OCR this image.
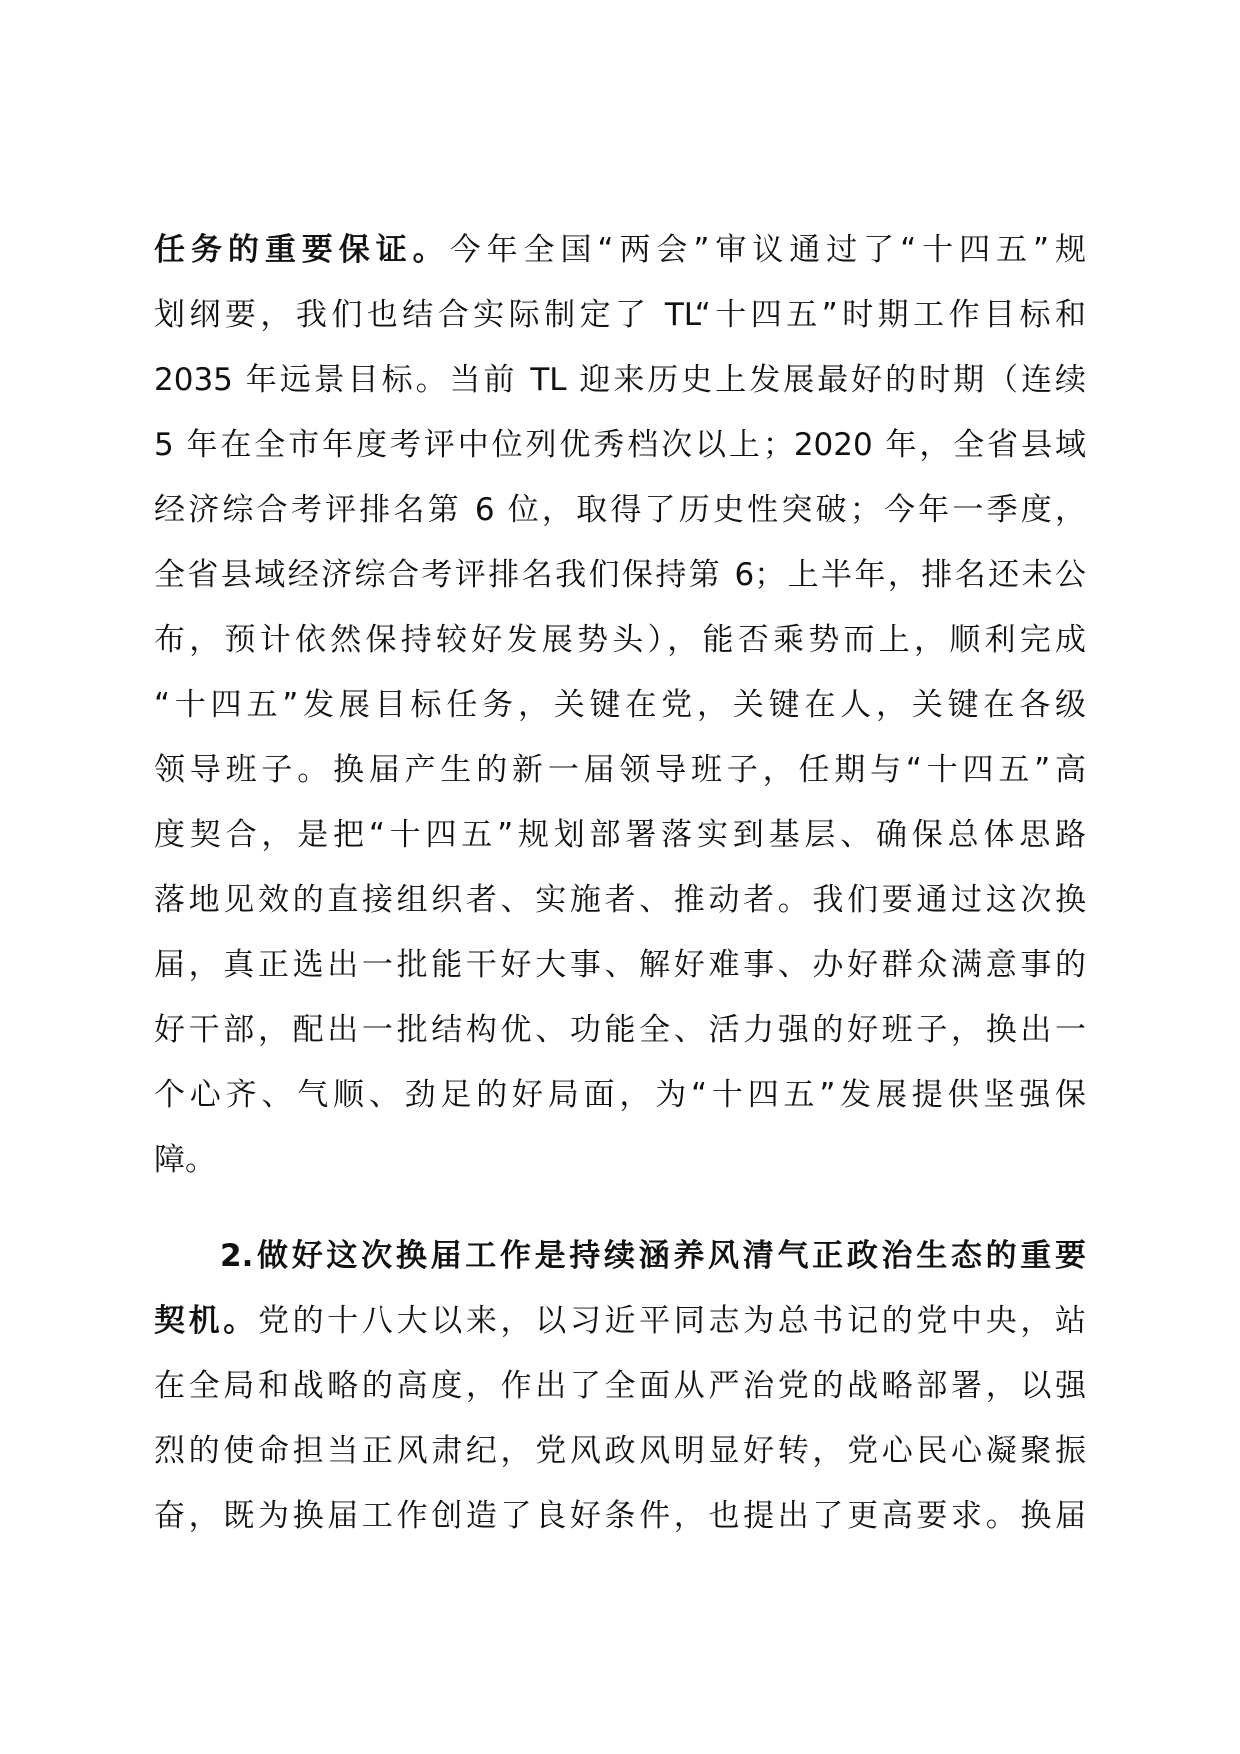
任务的重要保证。今年全国“两会”审议通过了“十四五”规
划纲要，我们也结合实际制定了 TL“十四五”时期工作目标和
2035 年远景目标。当前 TL 迎来历史上发展最好的时期（连续
5 年在全市年度考评中位列优秀档次以上；2020 年，全省县域
经济综合考评排名第 6 位，取得了历史性突破；今年一季度，
全省县域经济综合考评排名我们保持第 6；上半年，排名还未公
布，预计依然保持较好发展势头），能否乘势而上，顺利完成
“十四五”发展目标任务，关键在党，关键在人，关键在各级
领导班子。换届产生的新一届领导班子，任期与“十四五”高
度契合，是把“十四五”规划部署落实到基层、确保总体思路
落地见效的直接组织者、实施者、推动者。我们要通过这次换
届，真正选出一批能干好大事、解好难事、办好群众满意事的
好干部，配出一批结构优、功能全、活力强的好班子，换出一
个心齐、气顺、劲足的好局面，为“十四五”发展提供坚强保
障。
2.做好这次换届工作是持续涵养风清气正政治生态的重要
契机。党的十八大以来，以习近平同志为总书记的党中央，站
在全局和战略的高度，作出了全面从严治党的战略部署，以强
烈的使命担当正风肃纪，党风政风明显好转，党心民心凝聚振
奋，既为换届工作创造了良好条件，也提出了更高要求。换届
